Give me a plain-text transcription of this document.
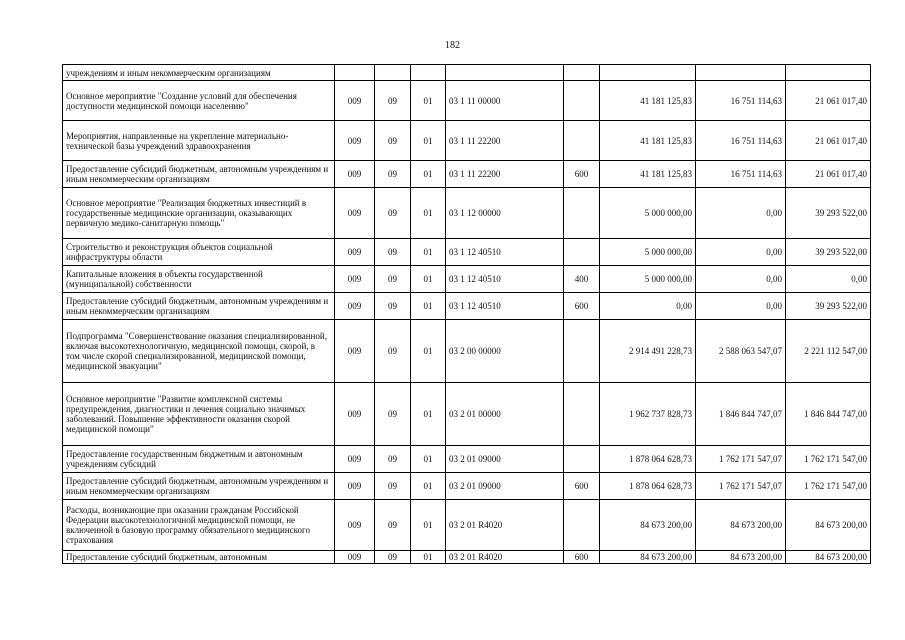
182
учреждениям и иным некоммерческим организациям								
Основное мероприятие "Создание условий для обеспечения доступности медицинской помощи населению"	009	09	01	03 1 11 00000		41 181 125,83	16 751 114,63	21 061 017,40
Мероприятия, направленные на укрепление материально-технической базы учреждений здравоохранения	009	09	01	03 1 11 22200		41 181 125,83	16 751 114,63	21 061 017,40
Предоставление субсидий бюджетным, автономным учреждениям и иным некоммерческим организациям	009	09	01	03 1 11 22200	600	41 181 125,83	16 751 114,63	21 061 017,40
Основное мероприятие "Реализация бюджетных инвестиций в государственные медицинские организации, оказывающих первичную медико-санитарную помощь"	009	09	01	03 1 12 00000		5 000 000,00	0,00	39 293 522,00
Строительство и реконструкция объектов социальной инфраструктуры области	009	09	01	03 1 12 40510		5 000 000,00	0,00	39 293 522,00
Капитальные вложения в объекты государственной (муниципальной) собственности	009	09	01	03 1 12 40510	400	5 000 000,00	0,00	0,00
Предоставление субсидий бюджетным, автономным учреждениям и иным некоммерческим организациям	009	09	01	03 1 12 40510	600	0,00	0,00	39 293 522,00
Подпрограмма "Совершенствование оказания специализированной, включая высокотехнологичную, медицинской помощи, скорой, в том числе скорой специализированной, медицинской помощи, медицинской эвакуации"	009	09	01	03 2 00 00000		2 914 491 228,73	2 588 063 547,07	2 221 112 547,00
Основное мероприятие "Развитие комплексной системы предупреждения, диагностики и лечения социально значимых заболеваний. Повышение эффективности оказания скорой медицинской помощи"	009	09	01	03 2 01 00000		1 962 737 828,73	1 846 844 747,07	1 846 844 747,00
Предоставление государственным бюджетным и автономным учреждениям субсидий	009	09	01	03 2 01 09000		1 878 064 628,73	1 762 171 547,07	1 762 171 547,00
Предоставление субсидий бюджетным, автономным учреждениям и иным некоммерческим организациям	009	09	01	03 2 01 09000	600	1 878 064 628,73	1 762 171 547,07	1 762 171 547,00
Расходы, возникающие при оказании гражданам Российской Федерации высокотехнологичной медицинской помощи, не включенной в базовую программу обязательного медицинского страхования	009	09	01	03 2 01 R4020		84 673 200,00	84 673 200,00	84 673 200,00
Предоставление субсидий бюджетным, автономным	009	09	01	03 2 01 R4020	600	84 673 200,00	84 673 200,00	84 673 200,00
